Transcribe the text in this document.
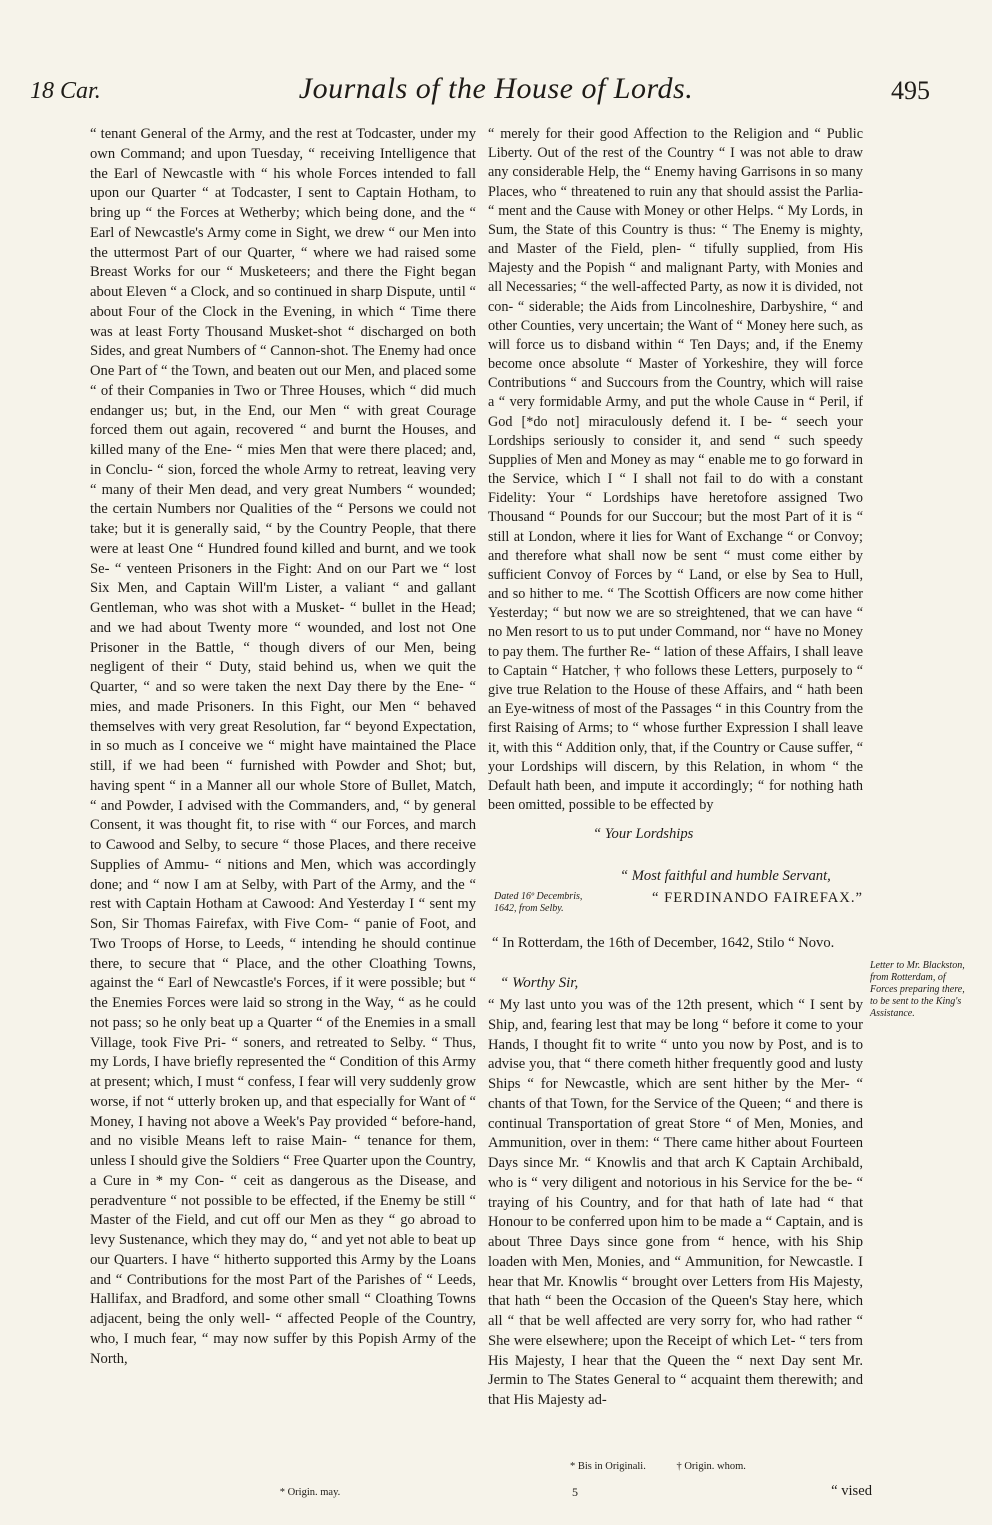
18 Car.	Journals of the House of Lords.	495

“ tenant General of the Army, and the rest at Todcaster, under my own Command; and upon Tuesday, “ receiving Intelligence that the Earl of Newcastle with “ his whole Forces intended to fall upon our Quarter “ at Todcaster, I sent to Captain Hotham, to bring up “ the Forces at Wetherby; which being done, and the “ Earl of Newcastle's Army come in Sight, we drew “ our Men into the uttermost Part of our Quarter, “ where we had raised some Breast Works for our “ Musketeers; and there the Fight began about Eleven “ a Clock, and so continued in sharp Dispute, until “ about Four of the Clock in the Evening, in which “ Time there was at least Forty Thousand Musket-shot “ discharged on both Sides, and great Numbers of “ Cannon-shot. The Enemy had once One Part of “ the Town, and beaten out our Men, and placed some “ of their Companies in Two or Three Houses, which “ did much endanger us; but, in the End, our Men “ with great Courage forced them out again, recovered “ and burnt the Houses, and killed many of the Ene- “ mies Men that were there placed; and, in Conclu- “ sion, forced the whole Army to retreat, leaving very “ many of their Men dead, and very great Numbers “ wounded; the certain Numbers nor Qualities of the “ Persons we could not take; but it is generally said, “ by the Country People, that there were at least One “ Hundred found killed and burnt, and we took Se- “ venteen Prisoners in the Fight: And on our Part we “ lost Six Men, and Captain Will'm Lister, a valiant “ and gallant Gentleman, who was shot with a Musket- “ bullet in the Head; and we had about Twenty more “ wounded, and lost not One Prisoner in the Battle, “ though divers of our Men, being negligent of their “ Duty, staid behind us, when we quit the Quarter, “ and so were taken the next Day there by the Ene- “ mies, and made Prisoners. In this Fight, our Men “ behaved themselves with very great Resolution, far “ beyond Expectation, in so much as I conceive we “ might have maintained the Place still, if we had been “ furnished with Powder and Shot; but, having spent “ in a Manner all our whole Store of Bullet, Match, “ and Powder, I advised with the Commanders, and, “ by general Consent, it was thought fit, to rise with “ our Forces, and march to Cawood and Selby, to secure “ those Places, and there receive Supplies of Ammu- “ nitions and Men, which was accordingly done; and “ now I am at Selby, with Part of the Army, and the “ rest with Captain Hotham at Cawood: And Yesterday I “ sent my Son, Sir Thomas Fairefax, with Five Com- “ panie of Foot, and Two Troops of Horse, to Leeds, “ intending he should continue there, to secure that “ Place, and the other Cloathing Towns, against the “ Earl of Newcastle's Forces, if it were possible; but “ the Enemies Forces were laid so strong in the Way, “ as he could not pass; so he only beat up a Quarter “ of the Enemies in a small Village, took Five Pri- “ soners, and retreated to Selby. “ Thus, my Lords, I have briefly represented the “ Condition of this Army at present; which, I must “ confess, I fear will very suddenly grow worse, if not “ utterly broken up, and that especially for Want of “ Money, I having not above a Week's Pay provided “ before-hand, and no visible Means left to raise Main- “ tenance for them, unless I should give the Soldiers “ Free Quarter upon the Country, a Cure in * my Con- “ ceit as dangerous as the Disease, and peradventure “ not possible to be effected, if the Enemy be still “ Master of the Field, and cut off our Men as they “ go abroad to levy Sustenance, which they may do, “ and yet not able to beat up our Quarters. I have “ hitherto supported this Army by the Loans and “ Contributions for the most Part of the Parishes of “ Leeds, Hallifax, and Bradford, and some other small “ Cloathing Towns adjacent, being the only well- “ affected People of the Country, who, I much fear, “ may now suffer by this Popish Army of the North,

“ merely for their good Affection to the Religion and “ Public Liberty. Out of the rest of the Country “ I was not able to draw any considerable Help, the “ Enemy having Garrisons in so many Places, who “ threatened to ruin any that should assist the Parlia- “ ment and the Cause with Money or other Helps. “ My Lords, in Sum, the State of this Country is thus: “ The Enemy is mighty, and Master of the Field, plen- “ tifully supplied, from His Majesty and the Popish “ and malignant Party, with Monies and all Necessaries; “ the well-affected Party, as now it is divided, not con- “ siderable; the Aids from Lincolneshire, Darbyshire, “ and other Counties, very uncertain; the Want of “ Money here such, as will force us to disband within “ Ten Days; and, if the Enemy become once absolute “ Master of Yorkeshire, they will force Contributions “ and Succours from the Country, which will raise a “ very formidable Army, and put the whole Cause in “ Peril, if God [*do not] miraculously defend it. I be- “ seech your Lordships seriously to consider it, and send “ such speedy Supplies of Men and Money as may “ enable me to go forward in the Service, which I “ I shall not fail to do with a constant Fidelity: Your “ Lordships have heretofore assigned Two Thousand “ Pounds for our Succour; but the most Part of it is “ still at London, where it lies for Want of Exchange “ or Convoy; and therefore what shall now be sent “ must come either by sufficient Convoy of Forces by “ Land, or else by Sea to Hull, and so hither to me. “ The Scottish Officers are now come hither Yesterday; “ but now we are so streightened, that we can have “ no Men resort to us to put under Command, nor “ have no Money to pay them. The further Re- “ lation of these Affairs, I shall leave to Captain “ Hatcher, † who follows these Letters, purposely to “ give true Relation to the House of these Affairs, and “ hath been an Eye-witness of most of the Passages “ in this Country from the first Raising of Arms; to “ whose further Expression I shall leave it, with this “ Addition only, that, if the Country or Cause suffer, “ your Lordships will discern, by this Relation, in whom “ the Default hath been, and impute it accordingly; “ for nothing hath been omitted, possible to be effected by

“ Your Lordships
“ Most faithful and humble Servant,
“ FERDINANDO FAIREFAX.”
Dated 16º Decembris, 1642, from Selby.
“ In Rotterdam, the 16th of December, 1642, Stilo “ Novo.
“ Worthy Sir,
Letter to Mr. Blackston, from Rotterdam, of Forces preparing there, to be sent to the King's Assistance.

“ My last unto you was of the 12th present, which “ I sent by Ship, and, fearing lest that may be long “ before it come to your Hands, I thought fit to write “ unto you now by Post, and is to advise you, that “ there cometh hither frequently good and lusty Ships “ for Newcastle, which are sent hither by the Mer- “ chants of that Town, for the Service of the Queen; “ and there is continual Transportation of great Store “ of Men, Monies, and Ammunition, over in them: “ There came hither about Fourteen Days since Mr. “ Knowlis and that arch K Captain Archibald, who is “ very diligent and notorious in his Service for the be- “ traying of his Country, and for that hath of late had “ that Honour to be conferred upon him to be made a “ Captain, and is about Three Days since gone from “ hence, with his Ship loaden with Men, Monies, and “ Ammunition, for Newcastle. I hear that Mr. Knowlis “ brought over Letters from His Majesty, that hath “ been the Occasion of the Queen's Stay here, which all “ that be well affected are very sorry for, who had rather “ She were elsewhere; upon the Receipt of which Let- “ ters from His Majesty, I hear that the Queen the “ next Day sent Mr. Jermin to The States General to “ acquaint them therewith; and that His Majesty ad-

* Origin. may.
* Bis in Originali.	† Origin. whom.
5	“ vised
